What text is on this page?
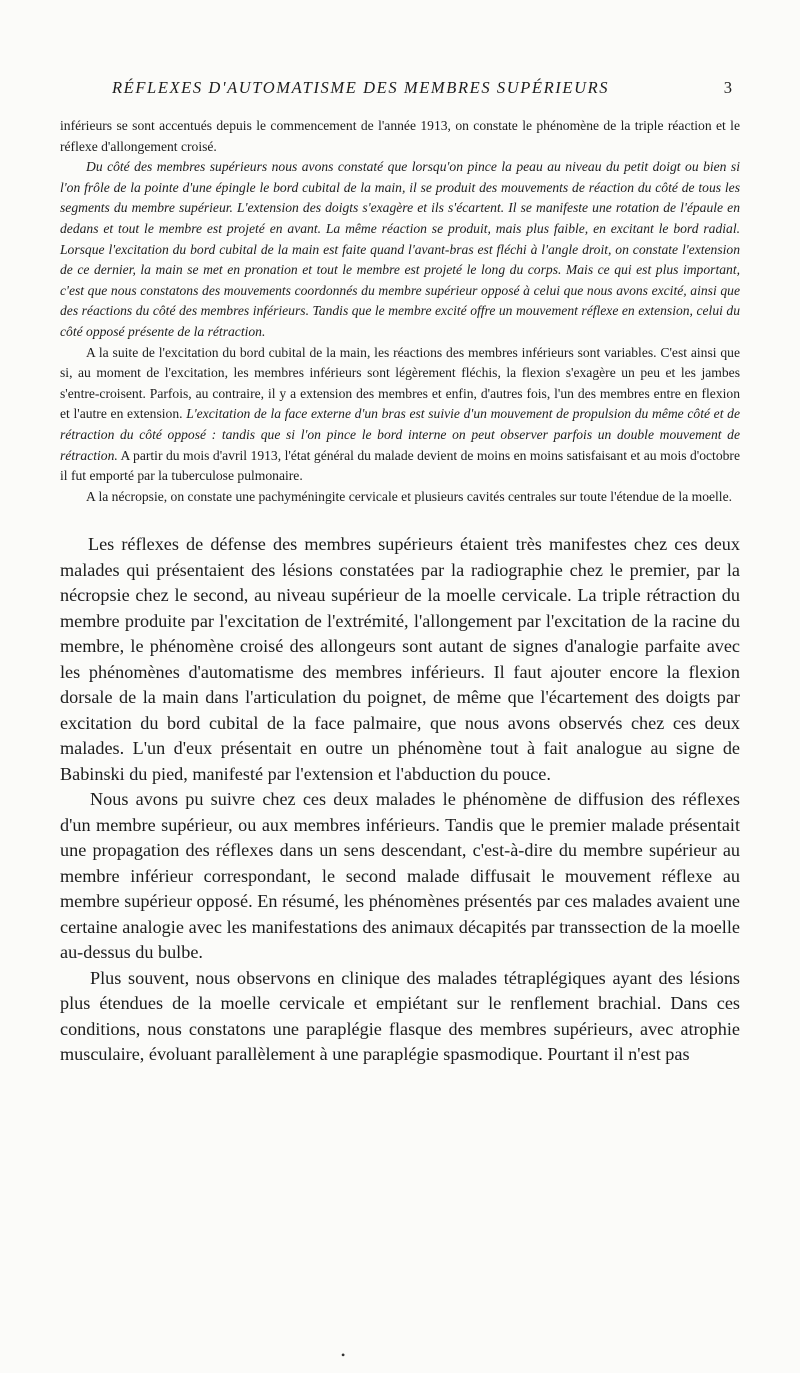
RÉFLEXES D'AUTOMATISME DES MEMBRES SUPÉRIEURS	3

inférieurs se sont accentués depuis le commencement de l'année 1913, on constate le phénomène de la triple réaction et le réflexe d'allongement croisé.

Du côté des membres supérieurs nous avons constaté que lorsqu'on pince la peau au niveau du petit doigt ou bien si l'on frôle de la pointe d'une épingle le bord cubital de la main, il se produit des mouvements de réaction du côté de tous les segments du membre supérieur. L'extension des doigts s'exagère et ils s'écartent. Il se manifeste une rotation de l'épaule en dedans et tout le membre est projeté en avant. La même réaction se produit, mais plus faible, en excitant le bord radial. Lorsque l'excitation du bord cubital de la main est faite quand l'avant-bras est fléchi à l'angle droit, on constate l'extension de ce dernier, la main se met en pronation et tout le membre est projeté le long du corps. Mais ce qui est plus important, c'est que nous constatons des mouvements coordonnés du membre supérieur opposé à celui que nous avons excité, ainsi que des réactions du côté des membres inférieurs. Tandis que le membre excité offre un mouvement réflexe en extension, celui du côté opposé présente de la rétraction.

A la suite de l'excitation du bord cubital de la main, les réactions des membres inférieurs sont variables. C'est ainsi que si, au moment de l'excitation, les membres inférieurs sont légèrement fléchis, la flexion s'exagère un peu et les jambes s'entre-croisent. Parfois, au contraire, il y a extension des membres et enfin, d'autres fois, l'un des membres entre en flexion et l'autre en extension. L'excitation de la face externe d'un bras est suivie d'un mouvement de propulsion du même côté et de rétraction du côté opposé : tandis que si l'on pince le bord interne on peut observer parfois un double mouvement de rétraction. A partir du mois d'avril 1913, l'état général du malade devient de moins en moins satisfaisant et au mois d'octobre il fut emporté par la tuberculose pulmonaire.

A la nécropsie, on constate une pachyméningite cervicale et plusieurs cavités centrales sur toute l'étendue de la moelle.

Les réflexes de défense des membres supérieurs étaient très manifestes chez ces deux malades qui présentaient des lésions constatées par la radiographie chez le premier, par la nécropsie chez le second, au niveau supérieur de la moelle cervicale. La triple rétraction du membre produite par l'excitation de l'extrémité, l'allongement par l'excitation de la racine du membre, le phénomène croisé des allongeurs sont autant de signes d'analogie parfaite avec les phénomènes d'automatisme des membres inférieurs. Il faut ajouter encore la flexion dorsale de la main dans l'articulation du poignet, de même que l'écartement des doigts par excitation du bord cubital de la face palmaire, que nous avons observés chez ces deux malades. L'un d'eux présentait en outre un phénomène tout à fait analogue au signe de Babinski du pied, manifesté par l'extension et l'abduction du pouce.

Nous avons pu suivre chez ces deux malades le phénomène de diffusion des réflexes d'un membre supérieur, ou aux membres inférieurs. Tandis que le premier malade présentait une propagation des réflexes dans un sens descendant, c'est-à-dire du membre supérieur au membre inférieur correspondant, le second malade diffusait le mouvement réflexe au membre supérieur opposé. En résumé, les phénomènes présentés par ces malades avaient une certaine analogie avec les manifestations des animaux décapités par transsection de la moelle au-dessus du bulbe.

Plus souvent, nous observons en clinique des malades tétraplégiques ayant des lésions plus étendues de la moelle cervicale et empiétant sur le renflement brachial. Dans ces conditions, nous constatons une paraplégie flasque des membres supérieurs, avec atrophie musculaire, évoluant parallèlement à une paraplégie spasmodique. Pourtant il n'est pas

•
